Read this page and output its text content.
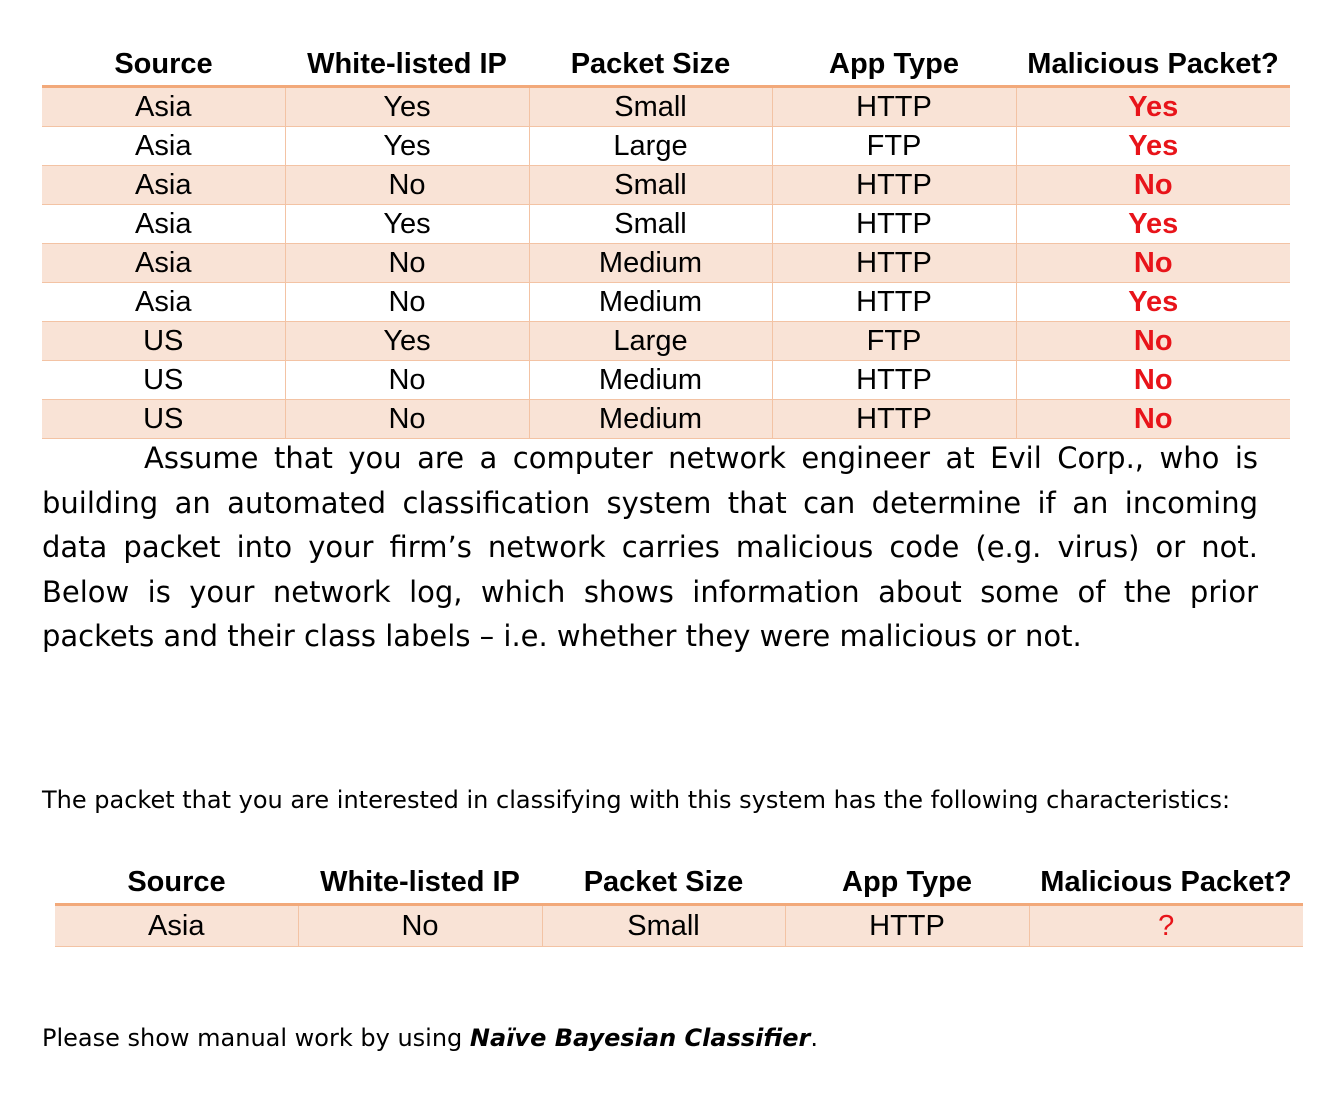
Source	White-listed IP	Packet Size	App Type	Malicious Packet?
Asia	Yes	Small	HTTP	Yes
Asia	Yes	Large	FTP	Yes
Asia	No	Small	HTTP	No
Asia	Yes	Small	HTTP	Yes
Asia	No	Medium	HTTP	No
Asia	No	Medium	HTTP	Yes
US	Yes	Large	FTP	No
US	No	Medium	HTTP	No
US	No	Medium	HTTP	No

Assume that you are a computer network engineer at Evil Corp., who is building an automated classification system that can determine if an incoming data packet into your firm’s network carries malicious code (e.g. virus) or not. Below is your network log, which shows information about some of the prior packets and their class labels – i.e. whether they were malicious or not.

The packet that you are interested in classifying with this system has the following characteristics:

Source	White-listed IP	Packet Size	App Type	Malicious Packet?
Asia	No	Small	HTTP	?

Please show manual work by using Naïve Bayesian Classifier.
